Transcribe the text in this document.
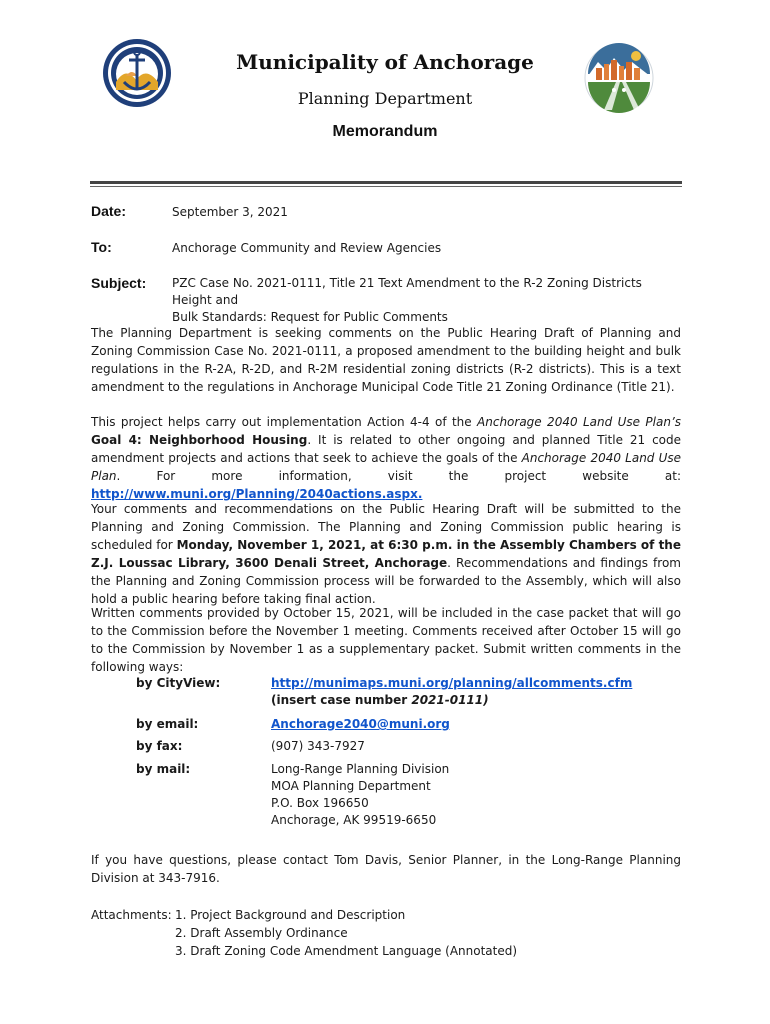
Municipality of Anchorage
Planning Department
Memorandum
Date:	September 3, 2021
To:	Anchorage Community and Review Agencies
Subject: PZC Case No. 2021-0111, Title 21 Text Amendment to the R-2 Zoning Districts Height and
Bulk Standards: Request for Public Comments
The Planning Department is seeking comments on the Public Hearing Draft of Planning and Zoning Commission Case No. 2021-0111, a proposed amendment to the building height and bulk regulations in the R-2A, R-2D, and R-2M residential zoning districts (R-2 districts). This is a text amendment to the regulations in Anchorage Municipal Code Title 21 Zoning Ordinance (Title 21).
This project helps carry out implementation Action 4-4 of the Anchorage 2040 Land Use Plan’s Goal 4: Neighborhood Housing. It is related to other ongoing and planned Title 21 code amendment projects and actions that seek to achieve the goals of the Anchorage 2040 Land Use Plan. For more information, visit the project website at: http://www.muni.org/Planning/2040actions.aspx.
Your comments and recommendations on the Public Hearing Draft will be submitted to the Planning and Zoning Commission. The Planning and Zoning Commission public hearing is scheduled for Monday, November 1, 2021, at 6:30 p.m. in the Assembly Chambers of the Z.J. Loussac Library, 3600 Denali Street, Anchorage. Recommendations and findings from the Planning and Zoning Commission process will be forwarded to the Assembly, which will also hold a public hearing before taking final action.
Written comments provided by October 15, 2021, will be included in the case packet that will go to the Commission before the November 1 meeting. Comments received after October 15 will go to the Commission by November 1 as a supplementary packet. Submit written comments in the following ways:
by CityView:	http://munimaps.muni.org/planning/allcomments.cfm
(insert case number 2021-0111)
by email:	Anchorage2040@muni.org
by fax:	(907) 343-7927
by mail:	Long-Range Planning Division
MOA Planning Department
P.O. Box 196650
Anchorage, AK 99519-6650
If you have questions, please contact Tom Davis, Senior Planner, in the Long-Range Planning Division at 343-7916.
Attachments: 1. Project Background and Description
2. Draft Assembly Ordinance
3. Draft Zoning Code Amendment Language (Annotated)
